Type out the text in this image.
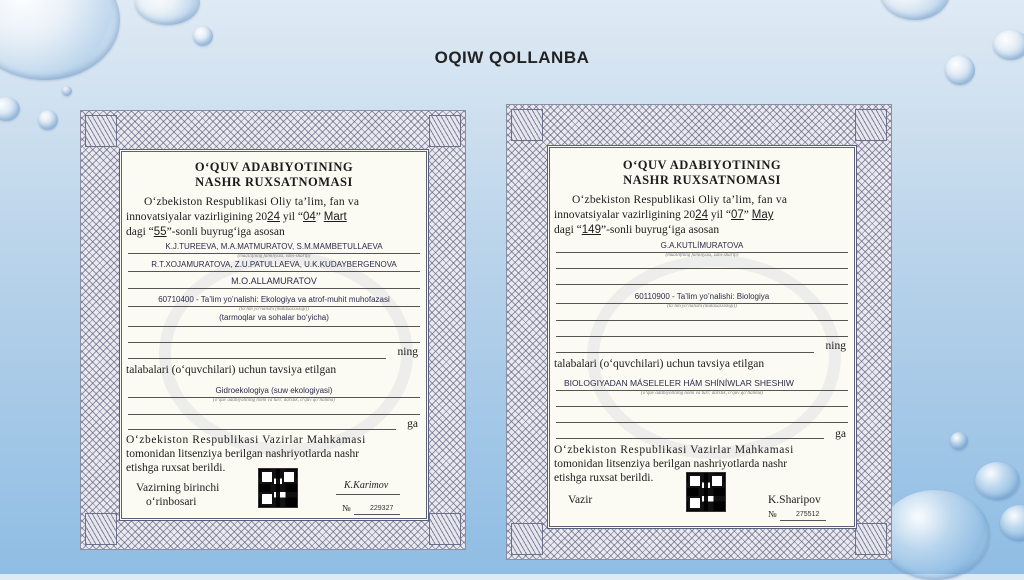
OQIW QOLLANBA
O‘QUV ADABIYOTINING
NASHR RUXSATNOMASI
O‘zbekiston Respublikasi Oliy ta’lim, fan va
innovatsiyalar vazirligining 2024 yil “04” Mart
dagi “55”-sonli buyrug‘iga asosan
K.J.TUREEVA, M.A.MATMURATOV, S.M.MAMBETULLAEVA
(muallifning familiyasi, ismi-sharifi)
R.T.XOJAMURATOVA, Z.U.PATULLAEVA, U.K.KUDAYBERGENOVA
M.O.ALLAMURATOV
60710400 - Ta’lim yo’nalishi: Ekologiya va atrof-muhit muhofazasi
(ta’lim yo‘nalishi (mutaxassisligi))
(tarmoqlar va sohalar bo‘yicha)
ning
talabalari (o‘quvchilari) uchun tavsiya etilgan
Gidroekologiya (suw ekologiyasi)
(o‘quv adabiyotining nomi va turi: darslik, o‘quv qo‘llanma)
ga
O‘zbekiston Respublikasi Vazirlar Mahkamasi
tomonidan litsenziya berilgan nashriyotlarda nashr
etishga ruxsat berildi.
Vazirning birinchi
o‘rinbosari
K.Karimov
№	229327
O‘QUV ADABIYOTINING
NASHR RUXSATNOMASI
O‘zbekiston Respublikasi Oliy ta’lim, fan va
innovatsiyalar vazirligining 2024 yil “07” May
dagi “149”-sonli buyrug‘iga asosan
G.A.KUTLİMURATOVA
(muallifning familiyasi, ismi-sharifi)
60110900 - Ta’lim yo’nalishi: Biologiya
(ta’lim yo‘nalishi (mutaxassisligi))
ning
talabalari (o‘quvchilari) uchun tavsiya etilgan
BIOLOGIYADAN MÁSELELER HÁM SHÍNÍWLAR SHESHIW
(o‘quv adabiyotining nomi va turi: darslik, o‘quv qo‘llanma)
ga
O‘zbekiston Respublikasi Vazirlar Mahkamasi
tomonidan litsenziya berilgan nashriyotlarda nashr
etishga ruxsat berildi.
Vazir	K.Sharipov
№	275512
